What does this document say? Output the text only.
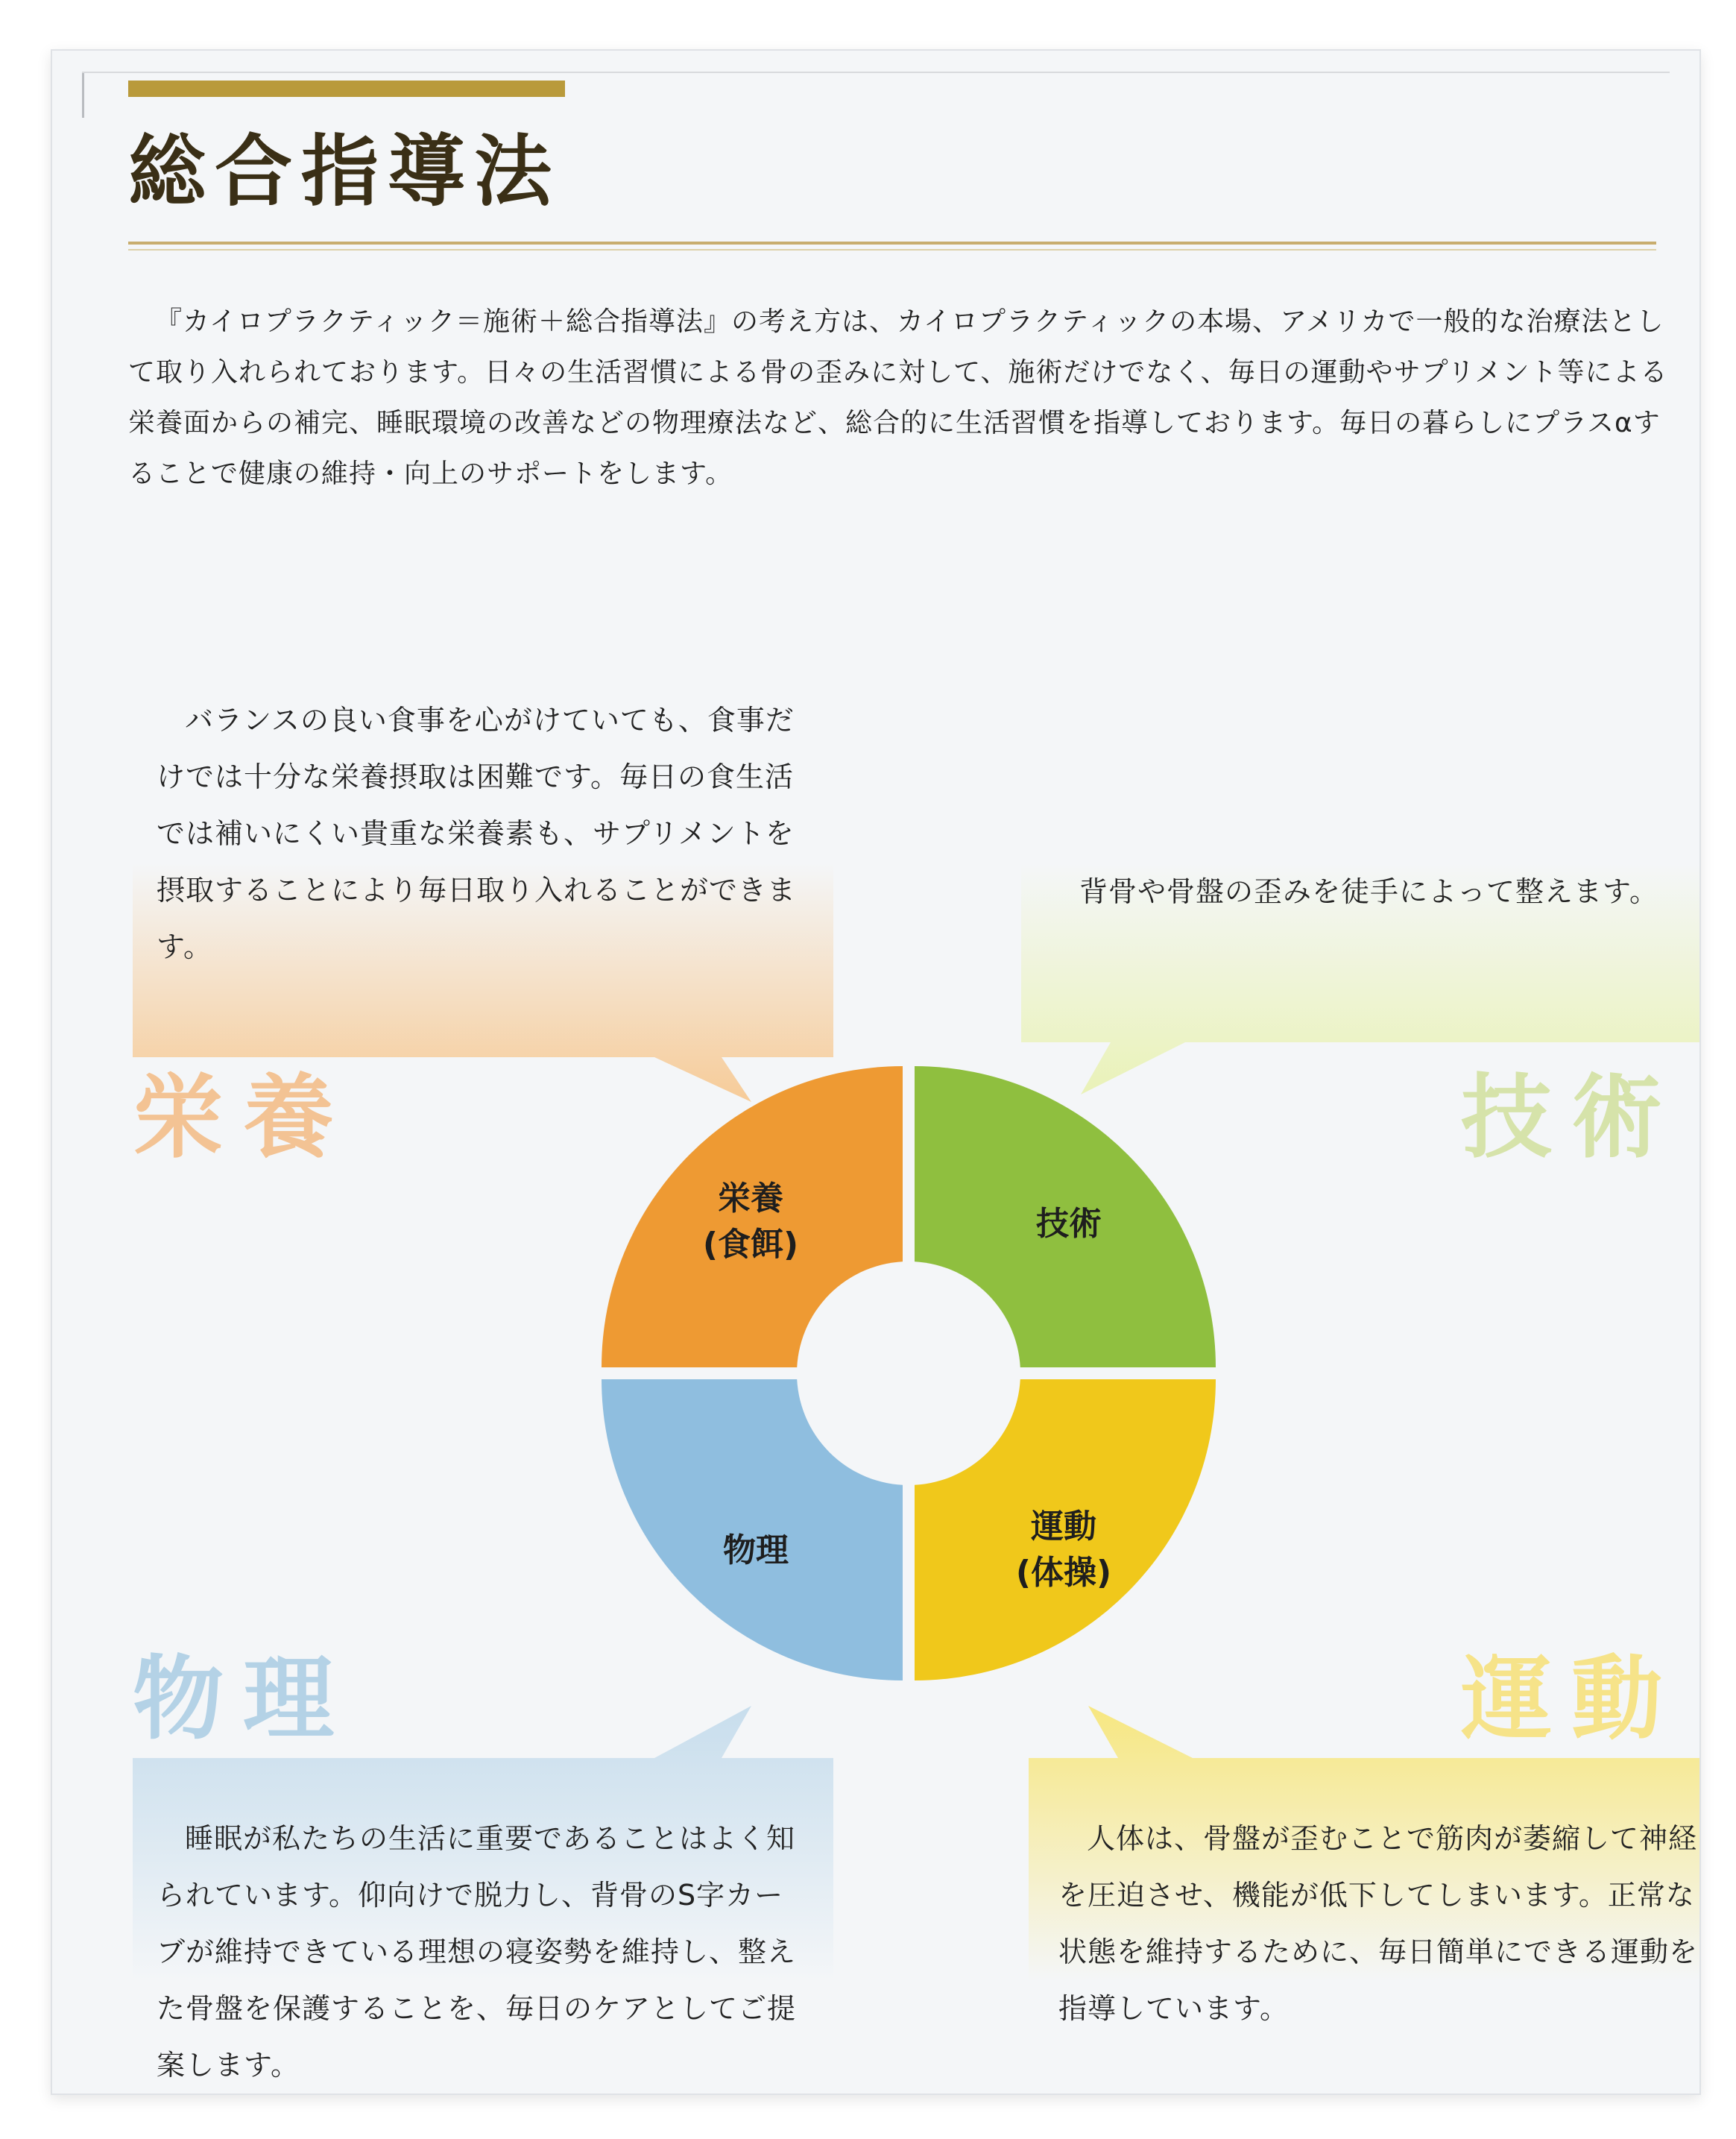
総合指導法

『カイロプラクティック＝施術＋総合指導法』の考え方は、カイロプラクティックの本場、アメリカで一般的な治療法として取り入れられております。日々の生活習慣による骨の歪みに対して、施術だけでなく、毎日の運動やサプリメント等による栄養面からの補完、睡眠環境の改善などの物理療法など、総合的に生活習慣を指導しております。毎日の暮らしにプラスαすることで健康の維持・向上のサポートをします。

バランスの良い食事を心がけていても、食事だけでは十分な栄養摂取は困難です。毎日の食生活では補いにくい貴重な栄養素も、サプリメントを摂取することにより毎日取り入れることができます。

栄養

背骨や骨盤の歪みを徒手によって整えます。

技術
栄養
(食餌)
技術
物理
運動
(体操)
物理

睡眠が私たちの生活に重要であることはよく知られています。仰向けで脱力し、背骨のS字カーブが維持できている理想の寝姿勢を維持し、整えた骨盤を保護することを、毎日のケアとしてご提案します。

運動

人体は、骨盤が歪むことで筋肉が萎縮して神経を圧迫させ、機能が低下してしまいます。正常な状態を維持するために、毎日簡単にできる運動を指導しています。
